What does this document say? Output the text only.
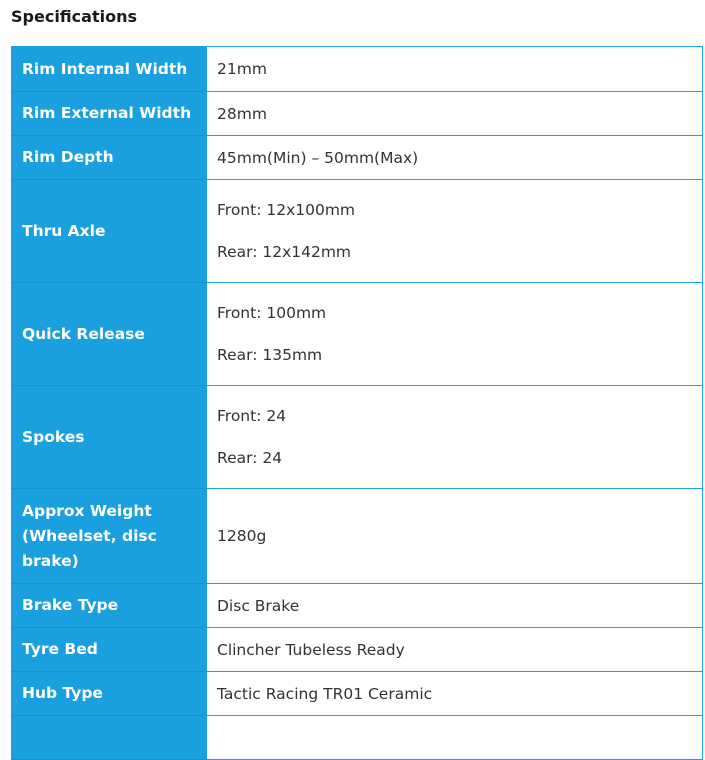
Specifications
Rim Internal Width	21mm
Rim External Width	28mm
Rim Depth	45mm(Min) – 50mm(Max)
Thru Axle	Front: 12x100mm

Rear: 12x142mm

Quick Release	Front: 100mm

Rear: 135mm

Spokes	Front: 24

Rear: 24

Approx Weight (Wheelset, disc brake)	1280g
Brake Type	Disc Brake
Tyre Bed	Clincher Tubeless Ready
Hub Type	Tactic Racing TR01 Ceramic
